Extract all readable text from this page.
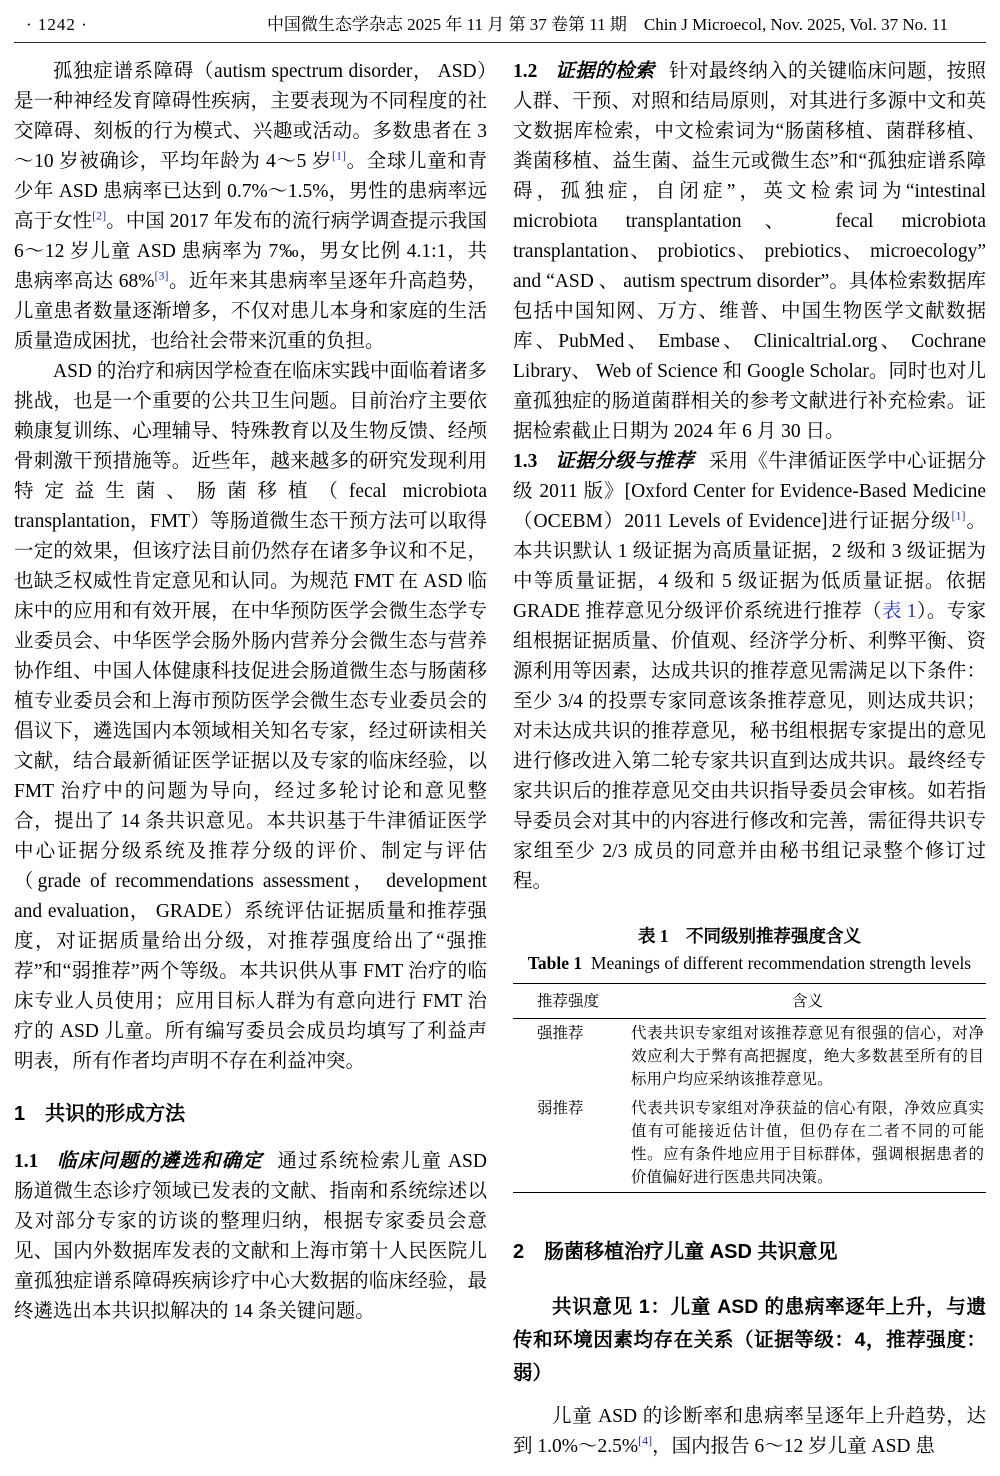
· 1242 ·	中国微生态学杂志 2025 年 11 月 第 37 卷第 11 期　Chin J Microecol, Nov. 2025, Vol. 37 No. 11

孤独症谱系障碍（autism spectrum disorder， ASD）是一种神经发育障碍性疾病，主要表现为不同程度的社交障碍、刻板的行为模式、兴趣或活动。多数患者在 3～10 岁被确诊，平均年龄为 4～5 岁[1]。全球儿童和青少年 ASD 患病率已达到 0.7%～1.5%，男性的患病率远高于女性[2]。中国 2017 年发布的流行病学调查提示我国 6～12 岁儿童 ASD 患病率为 7‰，男女比例 4.1:1，共患病率高达 68%[3]。近年来其患病率呈逐年升高趋势，儿童患者数量逐渐增多，不仅对患儿本身和家庭的生活质量造成困扰，也给社会带来沉重的负担。

ASD 的治疗和病因学检查在临床实践中面临着诸多挑战，也是一个重要的公共卫生问题。目前治疗主要依赖康复训练、心理辅导、特殊教育以及生物反馈、经颅骨刺激干预措施等。近些年，越来越多的研究发现利用特定益生菌、肠菌移植（fecal microbiota transplantation，FMT）等肠道微生态干预方法可以取得一定的效果，但该疗法目前仍然存在诸多争议和不足，也缺乏权威性肯定意见和认同。为规范 FMT 在 ASD 临床中的应用和有效开展，在中华预防医学会微生态学专业委员会、中华医学会肠外肠内营养分会微生态与营养协作组、中国人体健康科技促进会肠道微生态与肠菌移植专业委员会和上海市预防医学会微生态专业委员会的倡议下，遴选国内本领域相关知名专家，经过研读相关文献，结合最新循证医学证据以及专家的临床经验，以 FMT 治疗中的问题为导向，经过多轮讨论和意见整合，提出了 14 条共识意见。本共识基于牛津循证医学中心证据分级系统及推荐分级的评价、制定与评估（grade of recommendations assessment， development and evaluation， GRADE）系统评估证据质量和推荐强度，对证据质量给出分级，对推荐强度给出了“强推荐”和“弱推荐”两个等级。本共识供从事 FMT 治疗的临床专业人员使用；应用目标人群为有意向进行 FMT 治疗的 ASD 儿童。所有编写委员会成员均填写了利益声明表，所有作者均声明不存在利益冲突。

1　共识的形成方法

1.1 临床问题的遴选和确定 通过系统检索儿童 ASD 肠道微生态诊疗领域已发表的文献、指南和系统综述以及对部分专家的访谈的整理归纳，根据专家委员会意见、国内外数据库发表的文献和上海市第十人民医院儿童孤独症谱系障碍疾病诊疗中心大数据的临床经验，最终遴选出本共识拟解决的 14 条关键问题。

1.2 证据的检索 针对最终纳入的关键临床问题，按照人群、干预、对照和结局原则，对其进行多源中文和英文数据库检索，中文检索词为“肠菌移植、菌群移植、粪菌移植、益生菌、益生元或微生态”和“孤独症谱系障碍，孤独症，自闭症”，英文检索词为“intestinal microbiota transplantation、 fecal microbiota transplantation、 probiotics、 prebiotics、 microecology” and “ASD 、 autism spectrum disorder”。具体检索数据库包括中国知网、万方、维普、中国生物医学文献数据库、PubMed、 Embase、 Clinicaltrial.org、 Cochrane Library、 Web of Science 和 Google Scholar。同时也对儿童孤独症的肠道菌群相关的参考文献进行补充检索。证据检索截止日期为 2024 年 6 月 30 日。

1.3 证据分级与推荐 采用《牛津循证医学中心证据分级 2011 版》[Oxford Center for Evidence-Based Medicine（OCEBM）2011 Levels of Evidence]进行证据分级[1]。本共识默认 1 级证据为高质量证据，2 级和 3 级证据为中等质量证据，4 级和 5 级证据为低质量证据。依据 GRADE 推荐意见分级评价系统进行推荐（表 1）。专家组根据证据质量、价值观、经济学分析、利弊平衡、资源利用等因素，达成共识的推荐意见需满足以下条件：至少 3/4 的投票专家同意该条推荐意见，则达成共识；对未达成共识的推荐意见，秘书组根据专家提出的意见进行修改进入第二轮专家共识直到达成共识。最终经专家共识后的推荐意见交由共识指导委员会审核。如若指导委员会对其中的内容进行修改和完善，需征得共识专家组至少 2/3 成员的同意并由秘书组记录整个修订过程。

表 1　不同级别推荐强度含义

Table 1 Meanings of different recommendation strength levels

推荐强度	含义
强推荐	代表共识专家组对该推荐意见有很强的信心，对净效应利大于弊有高把握度，绝大多数甚至所有的目标用户均应采纳该推荐意见。
弱推荐	代表共识专家组对净获益的信心有限，净效应真实值有可能接近估计值，但仍存在二者不同的可能性。应有条件地应用于目标群体，强调根据患者的价值偏好进行医患共同决策。

2　肠菌移植治疗儿童 ASD 共识意见

共识意见 1：儿童 ASD 的患病率逐年上升，与遗传和环境因素均存在关系（证据等级：4，推荐强度：弱）

儿童 ASD 的诊断率和患病率呈逐年上升趋势，达到 1.0%～2.5%[4]，国内报告 6～12 岁儿童 ASD 患
